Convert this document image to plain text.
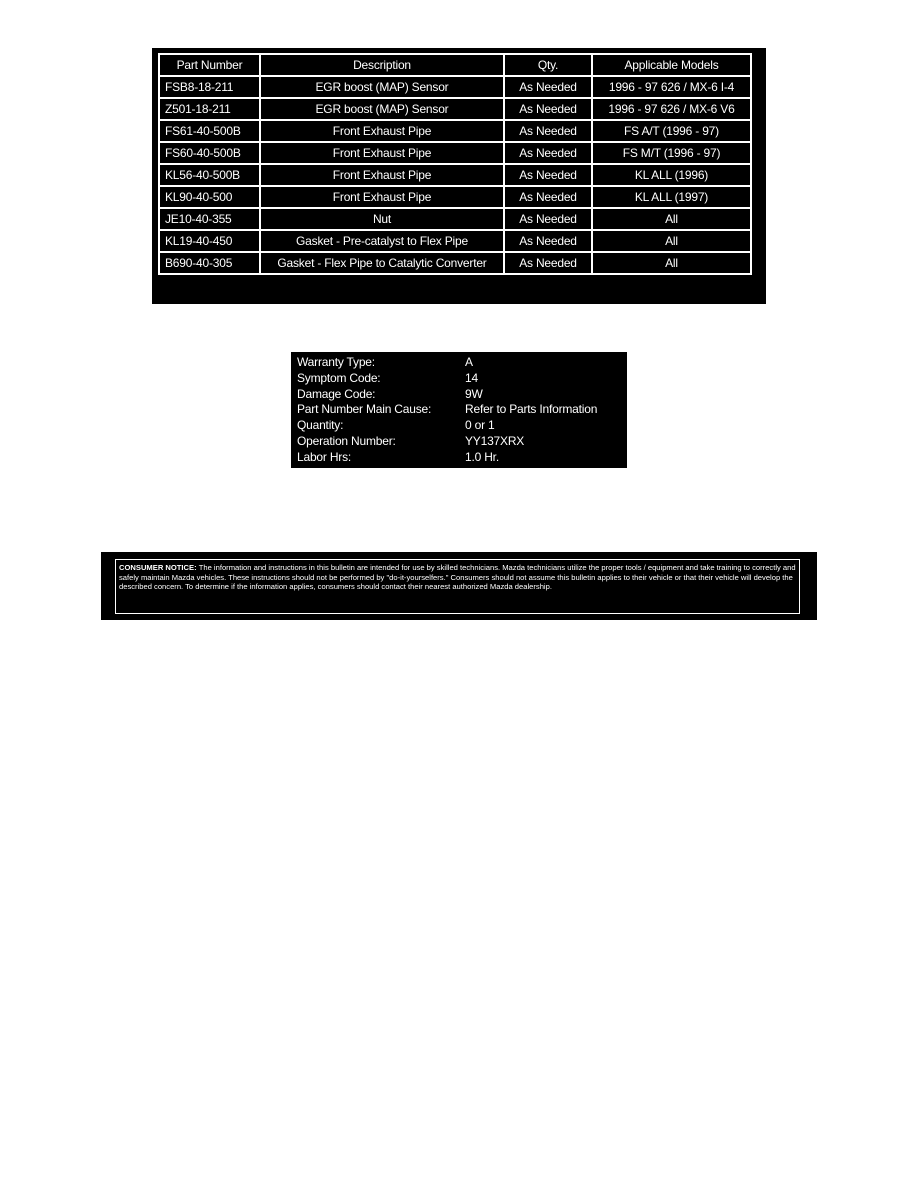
Part Number	Description	Qty.	Applicable Models
FSB8-18-211	EGR boost (MAP) Sensor	As Needed	1996 - 97 626 / MX-6 I-4
Z501-18-211	EGR boost (MAP) Sensor	As Needed	1996 - 97 626 / MX-6 V6
FS61-40-500B	Front Exhaust Pipe	As Needed	FS A/T (1996 - 97)
FS60-40-500B	Front Exhaust Pipe	As Needed	FS M/T (1996 - 97)
KL56-40-500B	Front Exhaust Pipe	As Needed	KL ALL (1996)
KL90-40-500	Front Exhaust Pipe	As Needed	KL ALL (1997)
JE10-40-355	Nut	As Needed	All
KL19-40-450	Gasket - Pre-catalyst to Flex Pipe	As Needed	All
B690-40-305	Gasket - Flex Pipe to Catalytic Converter	As Needed	All
Warranty Type:	A
Symptom Code:	14
Damage Code:	9W
Part Number Main Cause:	Refer to Parts Information
Quantity:	0 or 1
Operation Number:	YY137XRX
Labor Hrs:	1.0 Hr.
CONSUMER NOTICE: The information and instructions in this bulletin are intended for use by skilled technicians. Mazda technicians utilize the proper tools / equipment and take training to correctly and safely maintain Mazda vehicles. These instructions should not be performed by "do-it-yourselfers." Consumers should not assume this bulletin applies to their vehicle or that their vehicle will develop the described concern. To determine if the information applies, consumers should contact their nearest authorized Mazda dealership.
